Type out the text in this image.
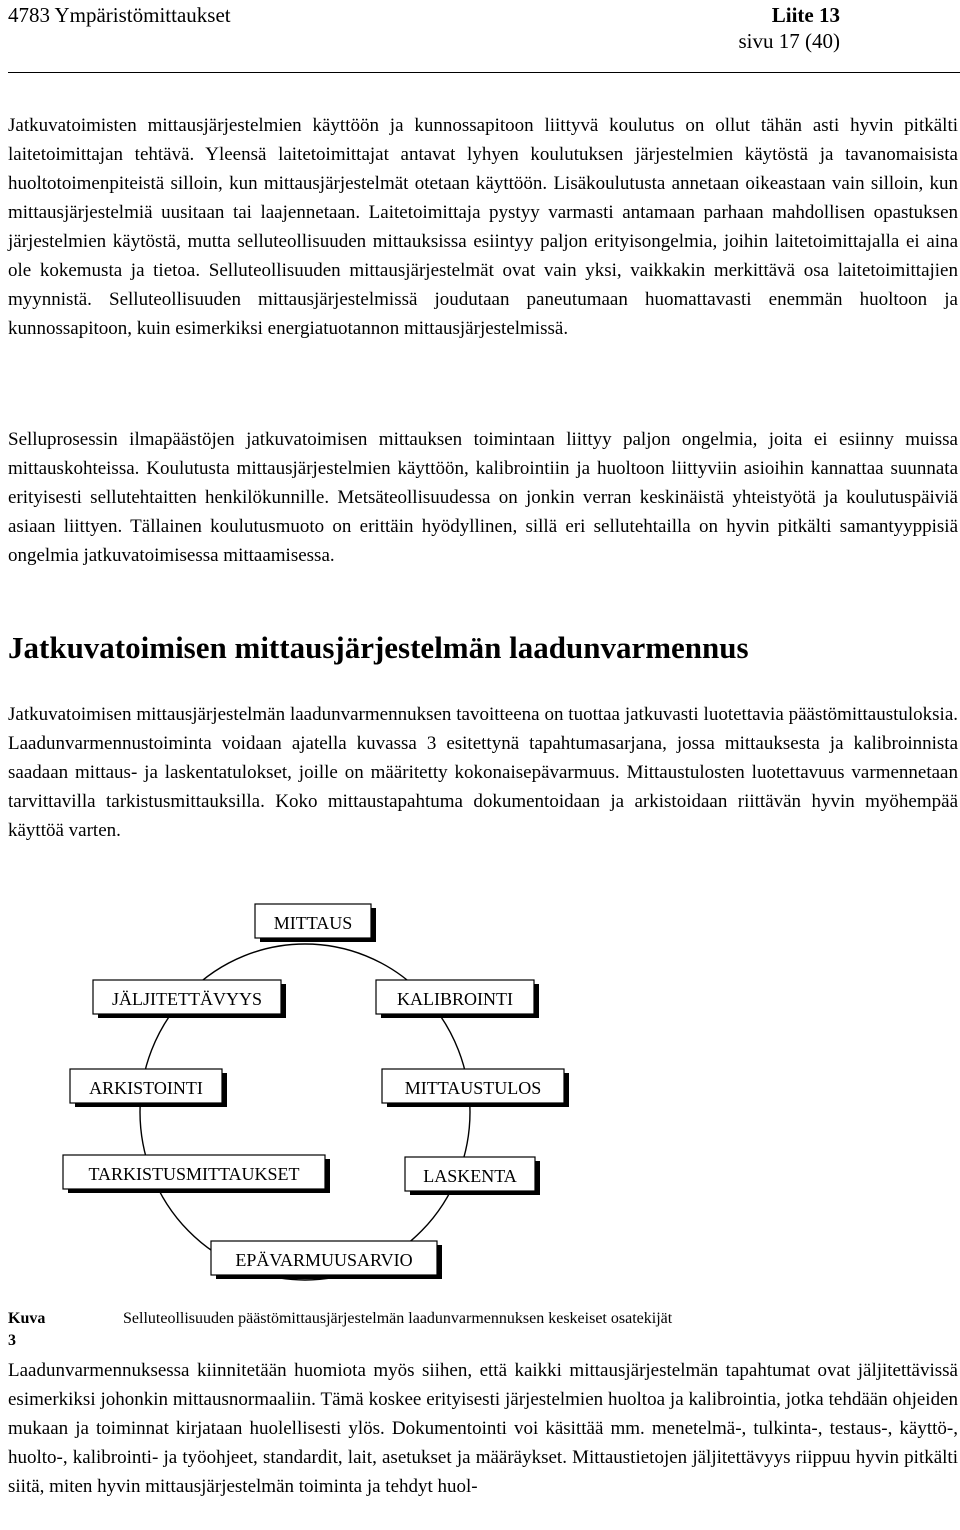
4783 Ympäristömittaukset	Liite 13
sivu 17 (40)

Jatkuvatoimisten mittausjärjestelmien käyttöön ja kunnossapitoon liittyvä koulutus on ollut tähän asti hyvin pitkälti laitetoimittajan tehtävä. Yleensä laitetoimittajat antavat lyhyen koulutuksen järjestelmien käytöstä ja tavanomaisista huoltotoimenpiteistä silloin, kun mittausjärjestelmät otetaan käyttöön. Lisäkoulutusta annetaan oikeastaan vain silloin, kun mittausjärjestelmiä uusitaan tai laajennetaan. Laitetoimittaja pystyy varmasti antamaan parhaan mahdollisen opastuksen järjestelmien käytöstä, mutta selluteollisuuden mittauksissa esiintyy paljon erityisongelmia, joihin laitetoimittajalla ei aina ole kokemusta ja tietoa. Selluteollisuuden mittausjärjestelmät ovat vain yksi, vaikkakin merkittävä osa laitetoimittajien myynnistä. Selluteollisuuden mittausjärjestelmissä joudutaan paneutumaan huomattavasti enemmän huoltoon ja kunnossapitoon, kuin esimerkiksi energiatuotannon mittausjärjestelmissä.

Selluprosessin ilmapäästöjen jatkuvatoimisen mittauksen toimintaan liittyy paljon ongelmia, joita ei esiinny muissa mittauskohteissa. Koulutusta mittausjärjestelmien käyttöön, kalibrointiin ja huoltoon liittyviin asioihin kannattaa suunnata erityisesti sellutehtaitten henkilökunnille. Metsäteollisuudessa on jonkin verran keskinäistä yhteistyötä ja koulutuspäiviä asiaan liittyen. Tällainen koulutusmuoto on erittäin hyödyllinen, sillä eri sellutehtailla on hyvin pitkälti samantyyppisiä ongelmia jatkuvatoimisessa mittaamisessa.

Jatkuvatoimisen mittausjärjestelmän laadunvarmennus

Jatkuvatoimisen mittausjärjestelmän laadunvarmennuksen tavoitteena on tuottaa jatkuvasti luotettavia päästömittaustuloksia. Laadunvarmennustoiminta voidaan ajatella kuvassa 3 esitettynä tapahtumasarjana, jossa mittauksesta ja kalibroinnista saadaan mittaus- ja laskentatulokset, joille on määritetty kokonaisepävarmuus. Mittaustulosten luotettavuus varmennetaan tarvittavilla tarkistusmittauksilla. Koko mittaustapahtuma dokumentoidaan ja arkistoidaan riittävän hyvin myöhempää käyttöä varten.

MITTAUS
JÄLJITETTÄVYYS	KALIBROINTI
ARKISTOINTI	MITTAUSTULOS
TARKISTUSMITTAUKSET	LASKENTA
EPÄVARMUUSARVIO
Kuva 3
Selluteollisuuden päästömittausjärjestelmän laadunvarmennuksen keskeiset osatekijät

Laadunvarmennuksessa kiinnitetään huomiota myös siihen, että kaikki mittausjärjestelmän tapahtumat ovat jäljitettävissä esimerkiksi johonkin mittausnormaaliin. Tämä koskee erityisesti järjestelmien huoltoa ja kalibrointia, jotka tehdään ohjeiden mukaan ja toiminnat kirjataan huolellisesti ylös. Dokumentointi voi käsittää mm. menetelmä-, tulkinta-, testaus-, käyttö-, huolto-, kalibrointi- ja työohjeet, standardit, lait, asetukset ja määräykset. Mittaustietojen jäljitettävyys riippuu hyvin pitkälti siitä, miten hyvin mittausjärjestelmän toiminta ja tehdyt huol-
